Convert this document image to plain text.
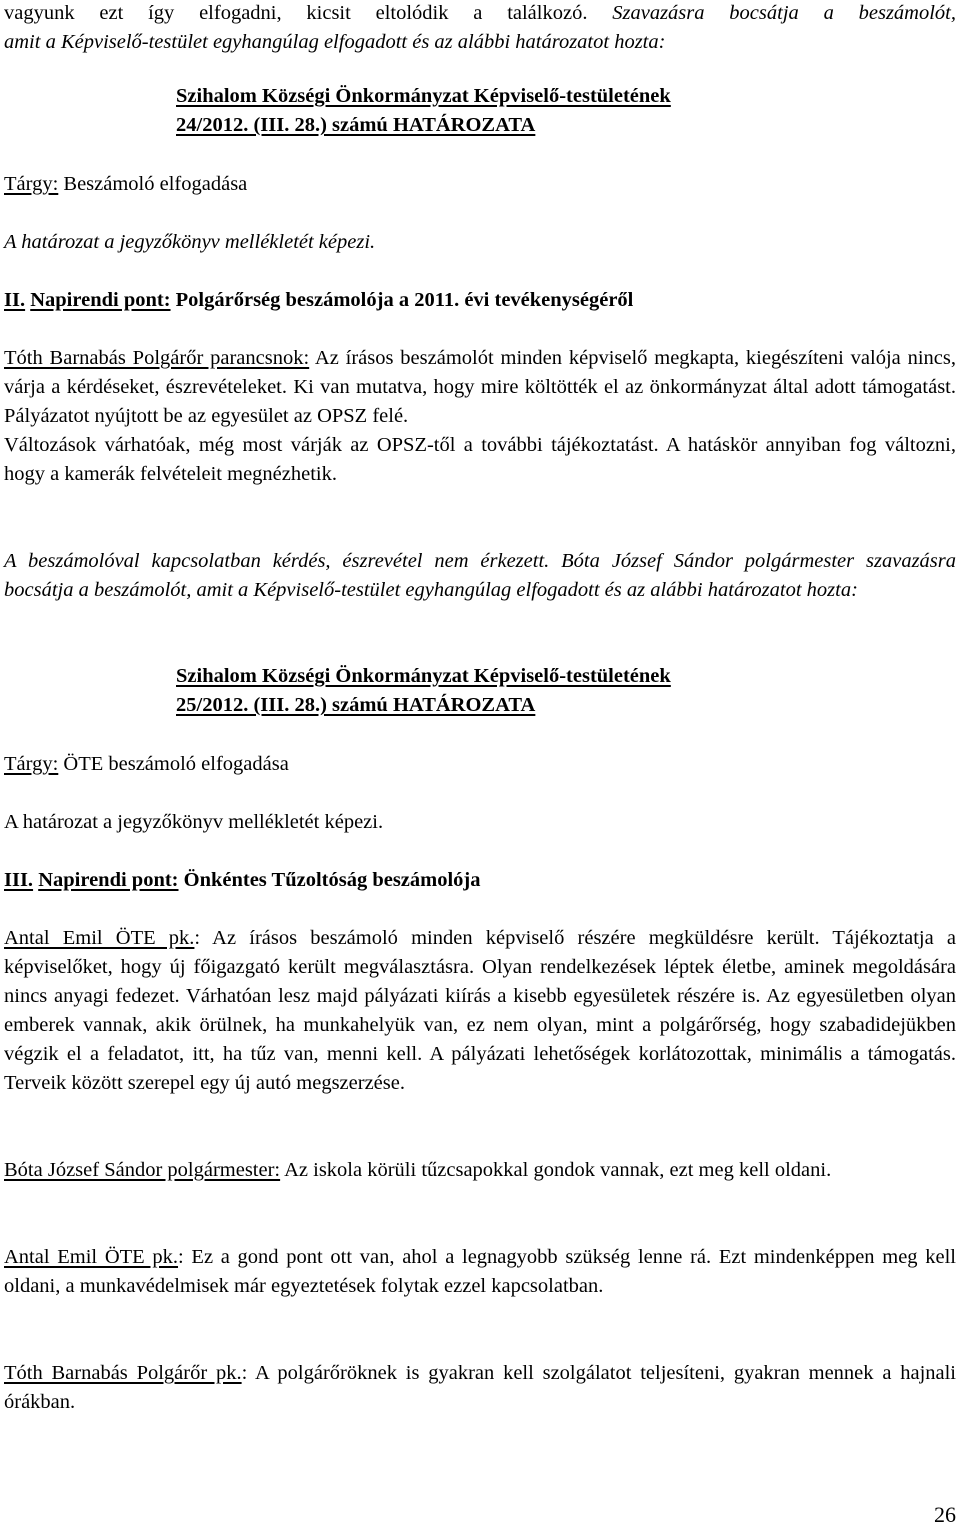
vagyunk ezt így elfogadni, kicsit eltolódik a találkozó. Szavazásra bocsátja a beszámolót,

amit a Képviselő-testület egyhangúlag elfogadott és az alábbi határozatot hozta:

Szihalom Községi Önkormányzat Képviselő-testületének
24/2012. (III. 28.) számú HATÁROZATA
Tárgy: Beszámoló elfogadása
A határozat a jegyzőkönyv mellékletét képezi.
II. Napirendi pont: Polgárőrség beszámolója a 2011. évi tevékenységéről

Tóth Barnabás Polgárőr parancsnok: Az írásos beszámolót minden képviselő megkapta, kiegészíteni valója nincs, várja a kérdéseket, észrevételeket. Ki van mutatva, hogy mire költötték el az önkormányzat által adott támogatást. Pályázatot nyújtott be az egyesület az OPSZ felé.

Változások várhatóak, még most várják az OPSZ-től a további tájékoztatást. A hatáskör annyiban fog változni, hogy a kamerák felvételeit megnézhetik.

A beszámolóval kapcsolatban kérdés, észrevétel nem érkezett. Bóta József Sándor polgármester szavazásra bocsátja a beszámolót, amit a Képviselő-testület egyhangúlag elfogadott és az alábbi határozatot hozta:

Szihalom Községi Önkormányzat Képviselő-testületének
25/2012. (III. 28.) számú HATÁROZATA
Tárgy: ÖTE beszámoló elfogadása
A határozat a jegyzőkönyv mellékletét képezi.
III. Napirendi pont: Önkéntes Tűzoltóság beszámolója

Antal Emil ÖTE pk.: Az írásos beszámoló minden képviselő részére megküldésre került. Tájékoztatja a képviselőket, hogy új főigazgató került megválasztásra. Olyan rendelkezések léptek életbe, aminek megoldására nincs anyagi fedezet. Várhatóan lesz majd pályázati kiírás a kisebb egyesületek részére is. Az egyesületben olyan emberek vannak, akik örülnek, ha munkahelyük van, ez nem olyan, mint a polgárőrség, hogy szabadidejükben végzik el a feladatot, itt, ha tűz van, menni kell. A pályázati lehetőségek korlátozottak, minimális a támogatás. Terveik között szerepel egy új autó megszerzése.

Bóta József Sándor polgármester: Az iskola körüli tűzcsapokkal gondok vannak, ezt meg kell oldani.

Antal Emil ÖTE pk.: Ez a gond pont ott van, ahol a legnagyobb szükség lenne rá. Ezt mindenképpen meg kell oldani, a munkavédelmisek már egyeztetések folytak ezzel kapcsolatban.

Tóth Barnabás Polgárőr pk.: A polgárőröknek is gyakran kell szolgálatot teljesíteni, gyakran mennek a hajnali órákban.

26
